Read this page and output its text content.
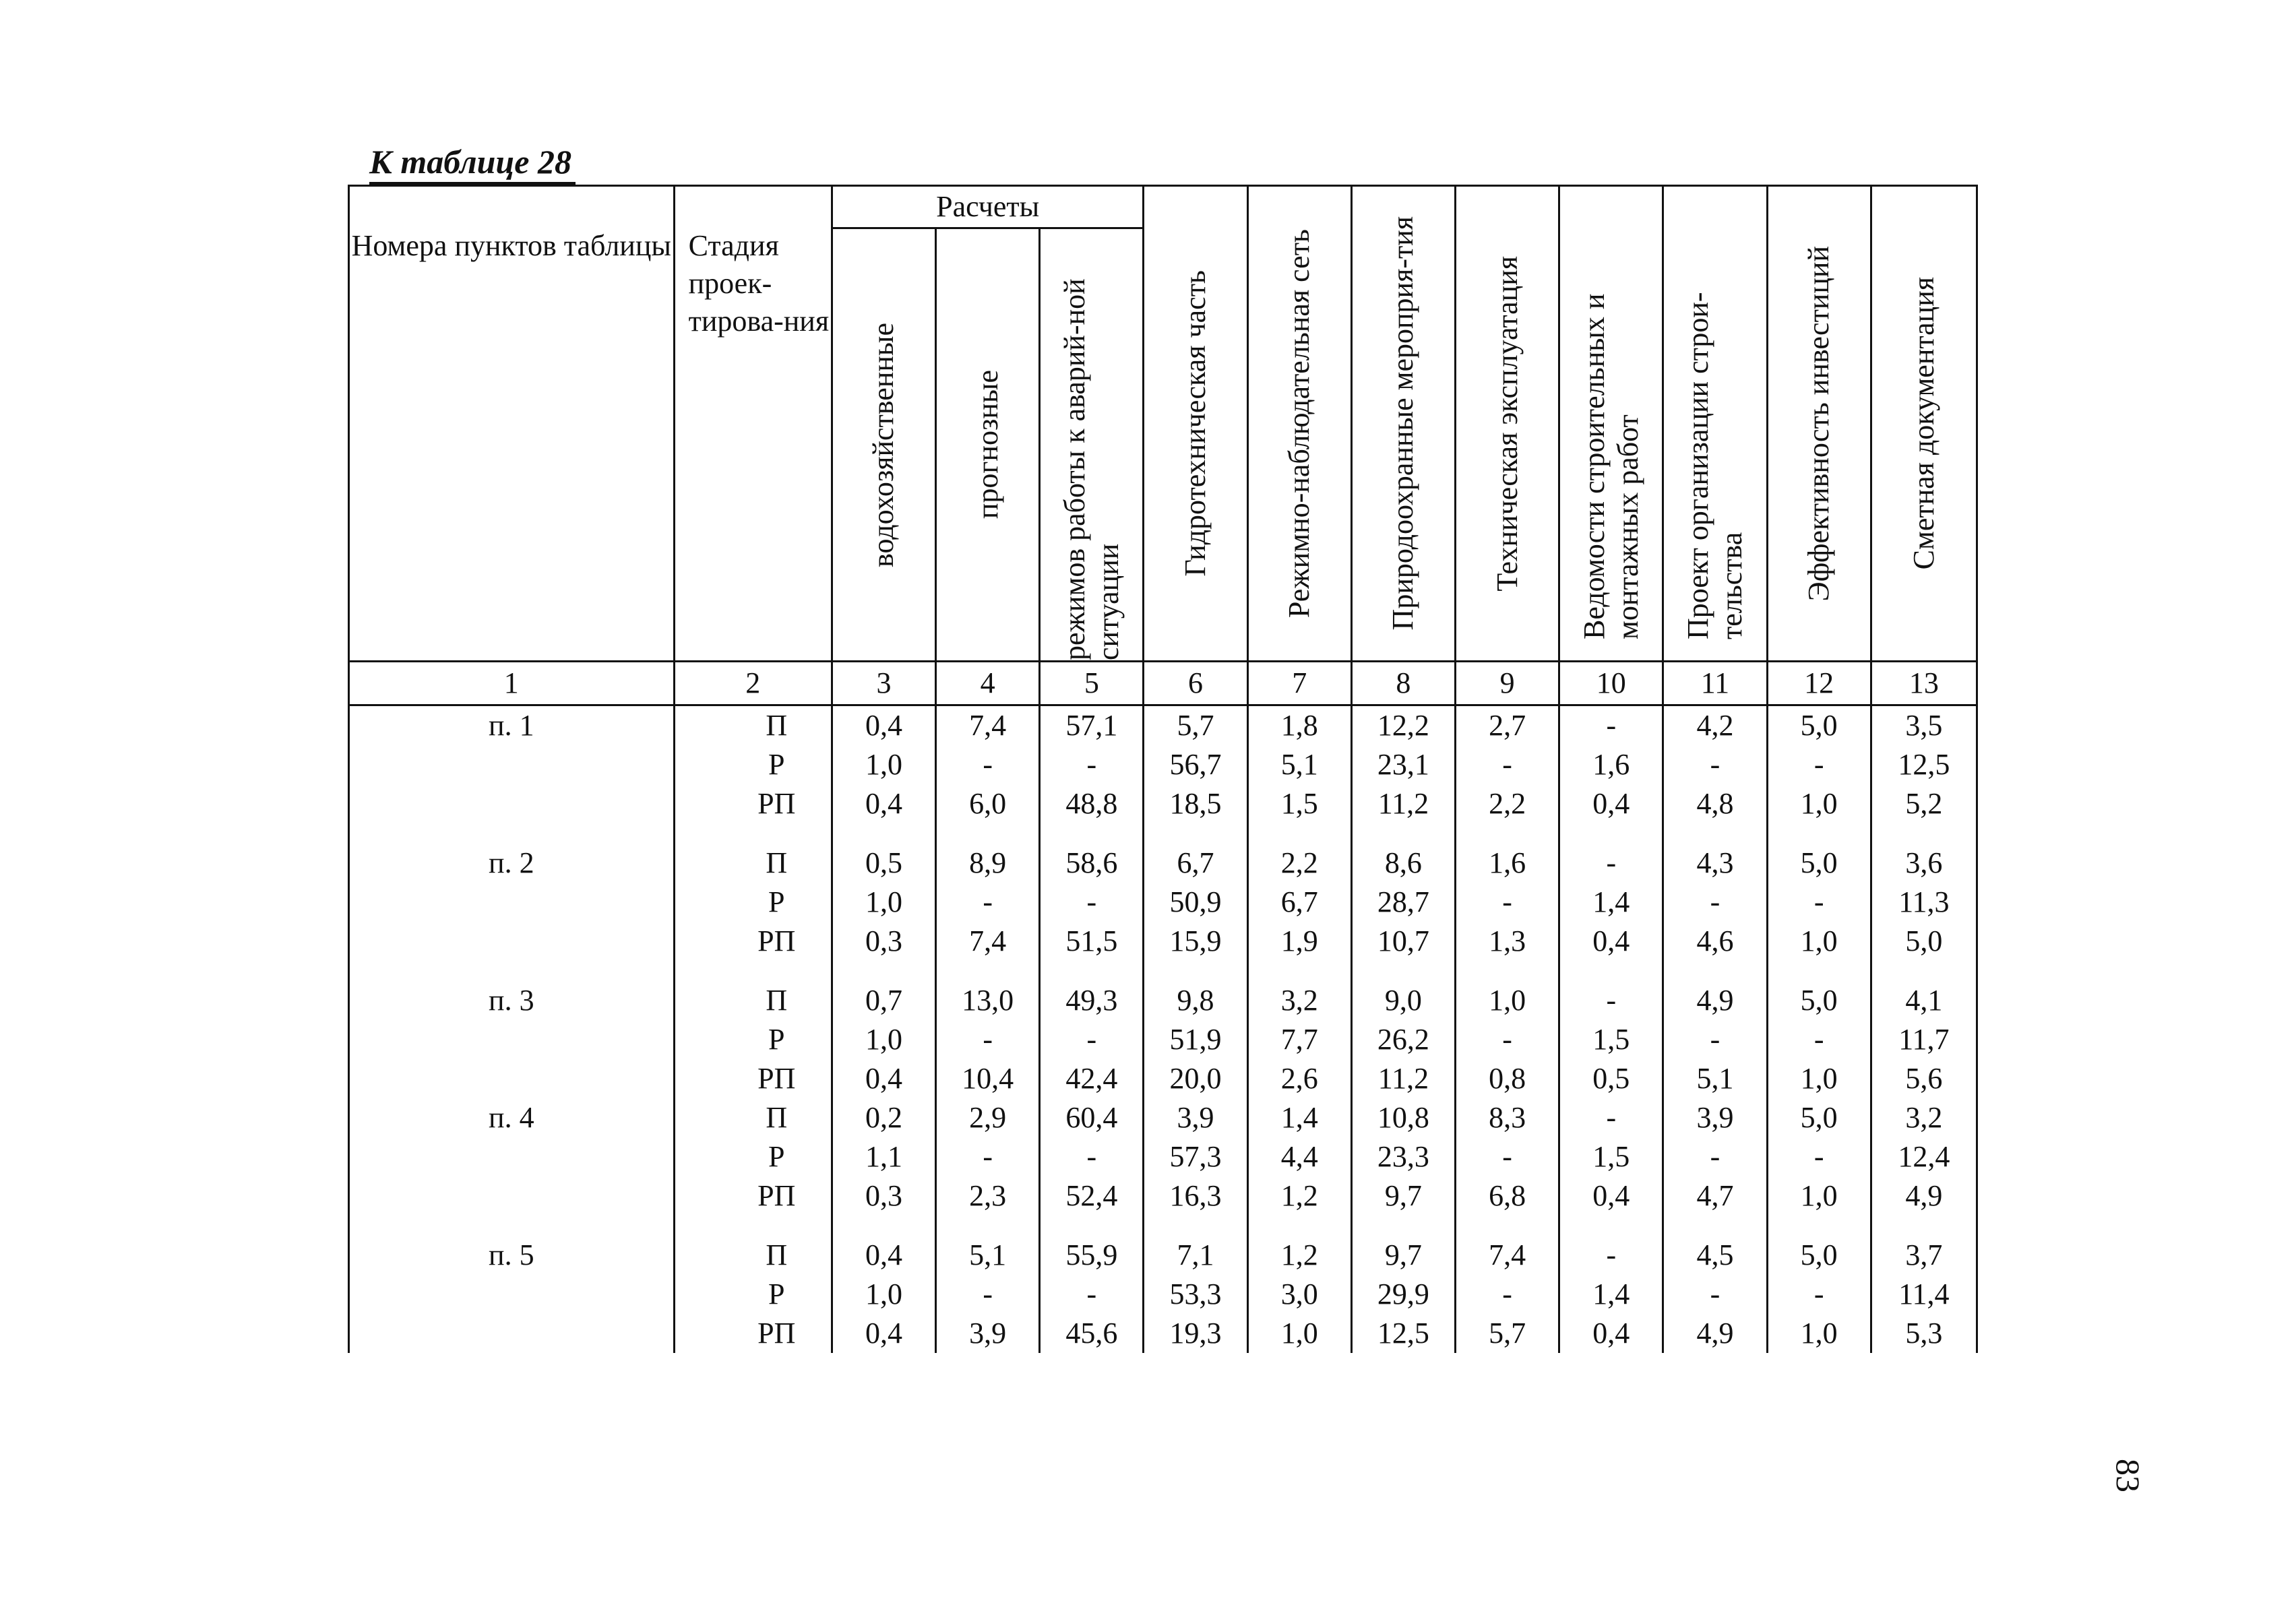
К таблице 28
Номера пунктов таблицы	Стадия проек-тирова-ния	Расчеты			Гидротехническая часть	Режимно-наблюдательная сеть	Природоохранные мероприя-тия	Техническая эксплуатация	Ведомости строительных и монтажных работ	Проект организации строи-тельства	Эффективность инвестиций	Сметная документация

		водохозяйственные	прогнозные	режимов работы к аварий-ной ситуации								

1	2	3	4	5	6	7	8	9	10	11	12	13
п. 1	П	0,4	7,4	57,1	5,7	1,8	12,2	2,7	-	4,2	5,0	3,5
	Р	1,0	-	-	56,7	5,1	23,1	-	1,6	-	-	12,5
	РП	0,4	6,0	48,8	18,5	1,5	11,2	2,2	0,4	4,8	1,0	5,2

п. 2	П	0,5	8,9	58,6	6,7	2,2	8,6	1,6	-	4,3	5,0	3,6
	Р	1,0	-	-	50,9	6,7	28,7	-	1,4	-	-	11,3
	РП	0,3	7,4	51,5	15,9	1,9	10,7	1,3	0,4	4,6	1,0	5,0

п. 3	П	0,7	13,0	49,3	9,8	3,2	9,0	1,0	-	4,9	5,0	4,1
	Р	1,0	-	-	51,9	7,7	26,2	-	1,5	-	-	11,7
	РП	0,4	10,4	42,4	20,0	2,6	11,2	0,8	0,5	5,1	1,0	5,6
п. 4	П	0,2	2,9	60,4	3,9	1,4	10,8	8,3	-	3,9	5,0	3,2
	Р	1,1	-	-	57,3	4,4	23,3	-	1,5	-	-	12,4
	РП	0,3	2,3	52,4	16,3	1,2	9,7	6,8	0,4	4,7	1,0	4,9

п. 5	П	0,4	5,1	55,9	7,1	1,2	9,7	7,4	-	4,5	5,0	3,7
	Р	1,0	-	-	53,3	3,0	29,9	-	1,4	-	-	11,4
	РП	0,4	3,9	45,6	19,3	1,0	12,5	5,7	0,4	4,9	1,0	5,3
83
